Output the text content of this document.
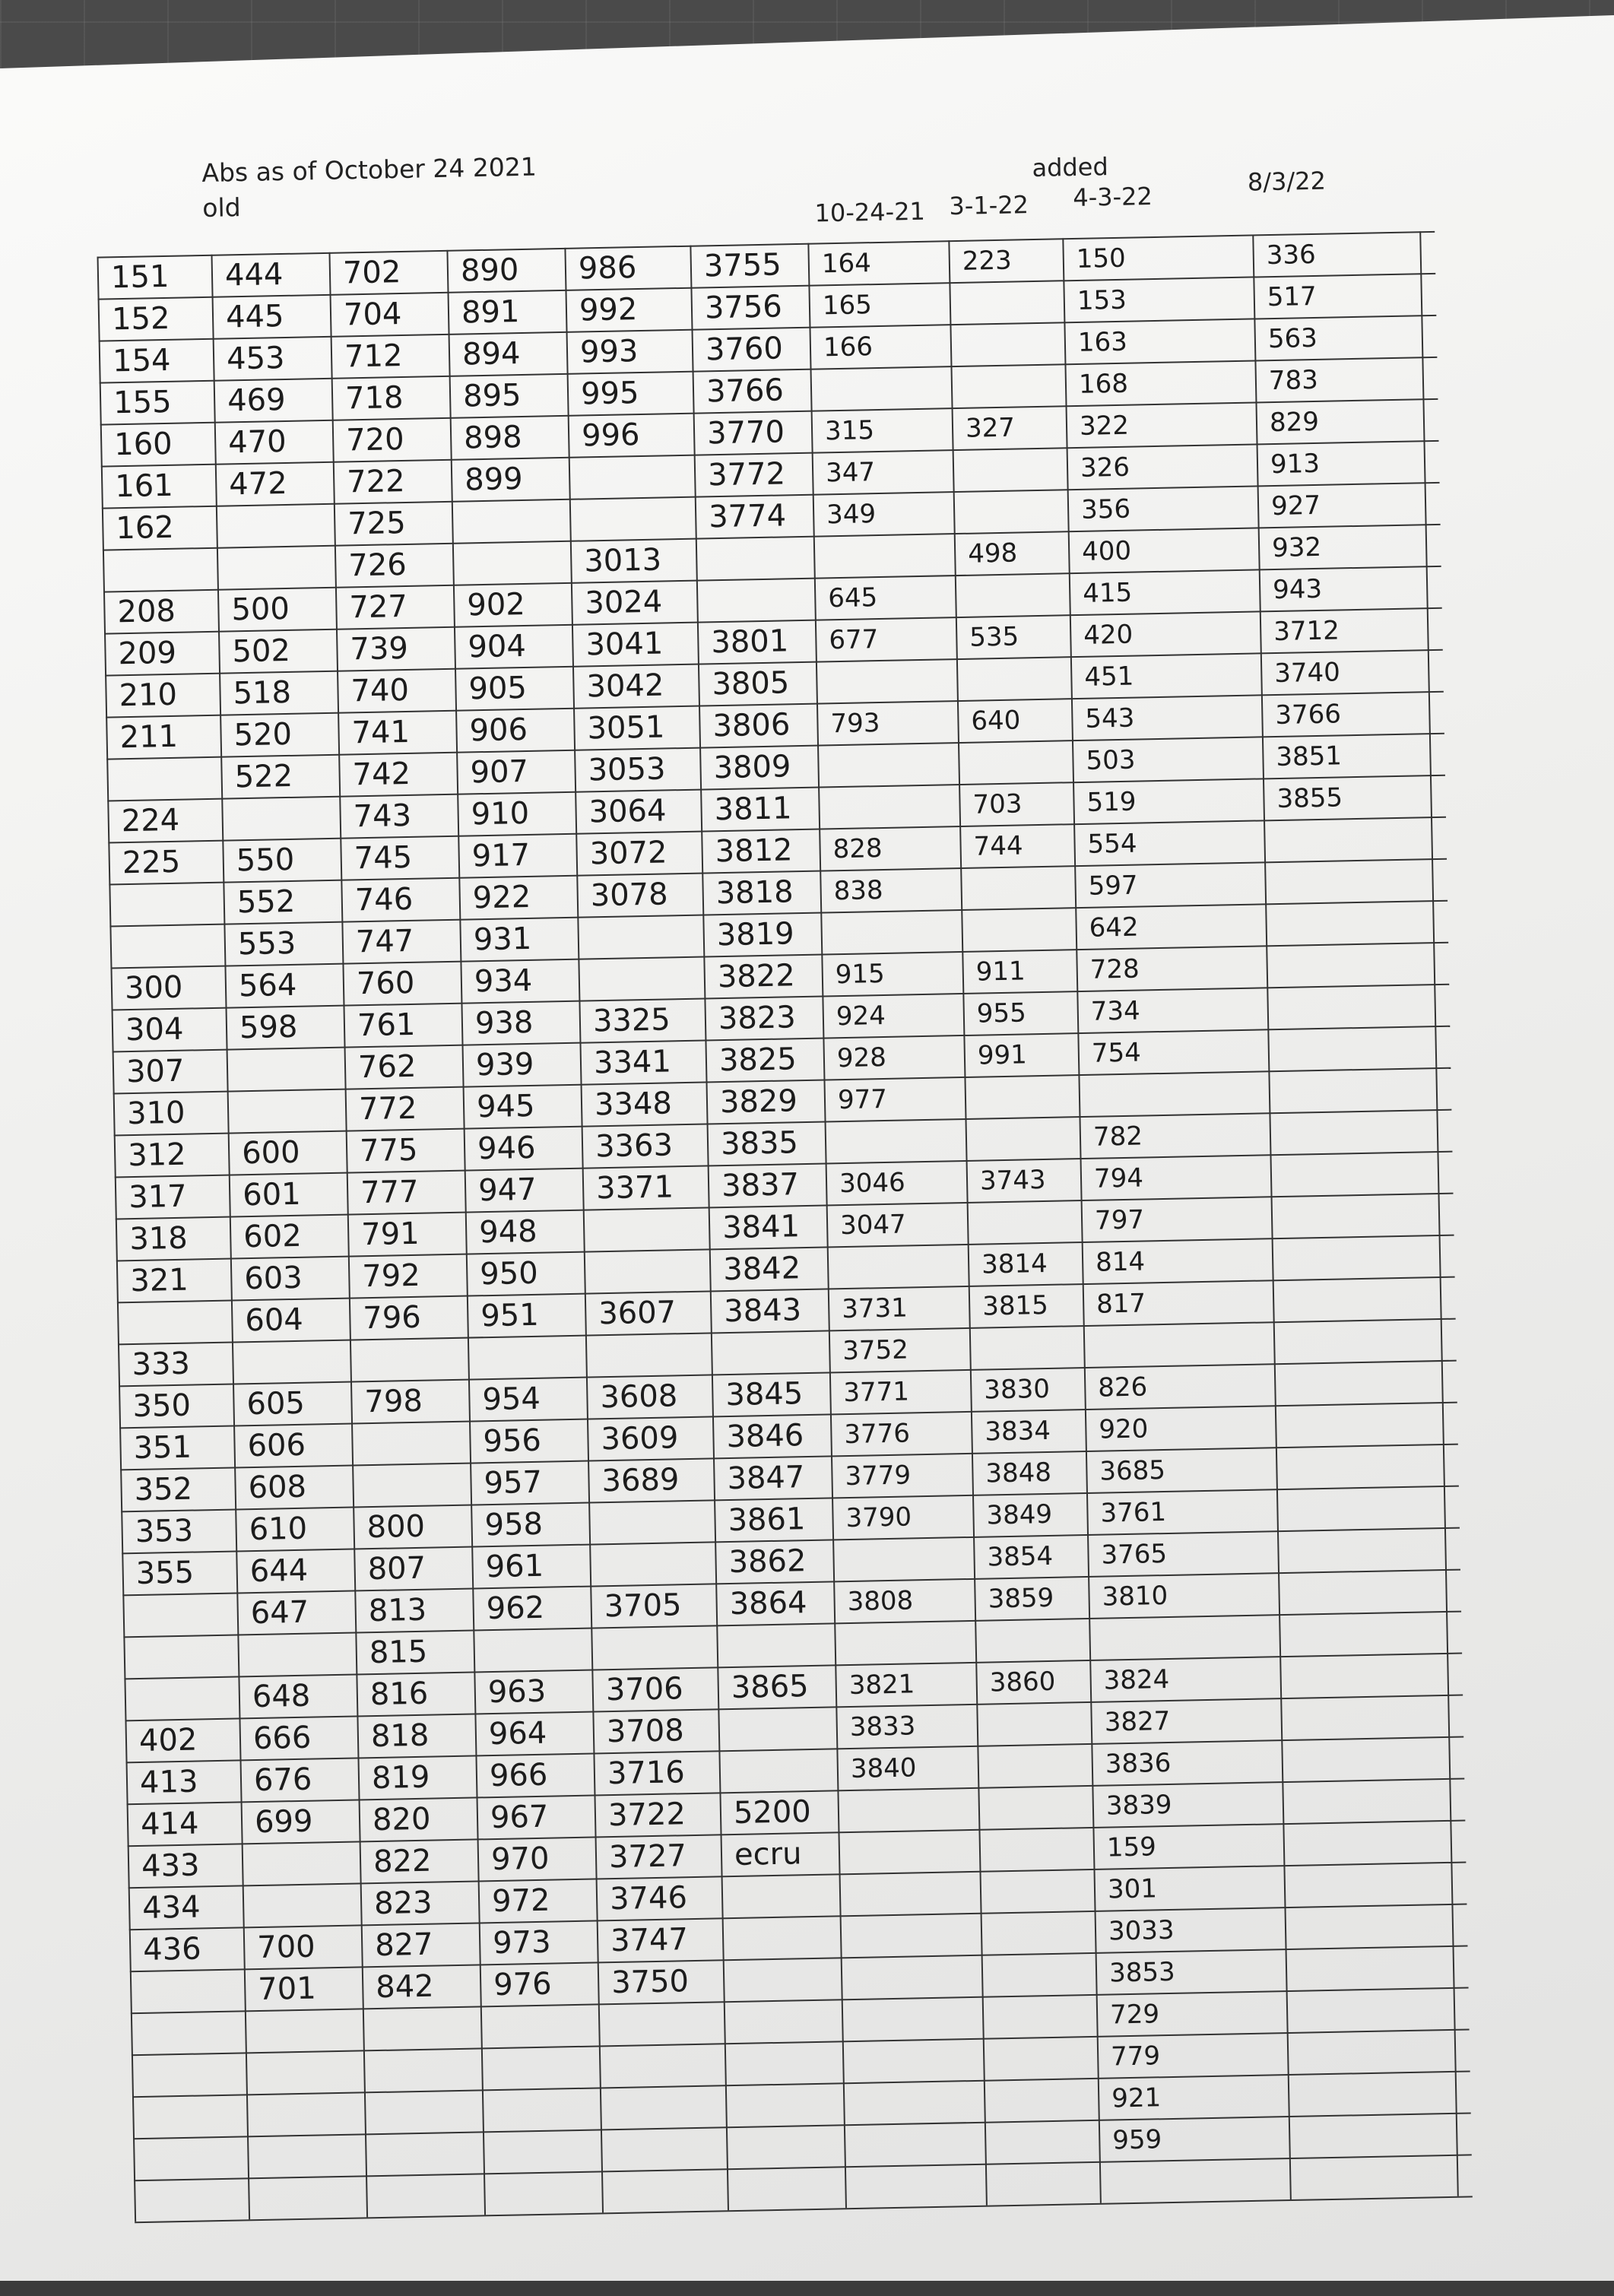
Abs as of October 24 2021
old
added
10-24-21 3-1-22 4-3-22
8/3/22
151
152
154
155
160
161
162
208
209
210
211
224
225
300
304
307
310
312
317
318
321
333
350
351
352
353
355
402
413
414
433
434
436
444
445
453
469
470
472
500
502
518
520
522
550
552
553
564
598
600
601
602
603
604
605
606
608
610
644
647
648
666
676
699
700
701
702
704
712
718
720
722
725
726
727
739
740
741
742
743
745
746
747
760
761
762
772
775
777
791
792
796
798
800
807
813
815
816
818
819
820
822
823
827
842
890
891
894
895
898
899
902
904
905
906
907
910
917
922
931
934
938
939
945
946
947
948
950
951
954
956
957
958
961
962
963
964
966
967
970
972
973
976
986
992
993
995
996
3013
3024
3041
3042
3051
3053
3064
3072
3078
3325
3341
3348
3363
3371
3607
3608
3609
3689
3705
3706
3708
3716
3722
3727
3746
3747
3750
3755
3756
3760
3766
3770
3772
3774
3801
3805
3806
3809
3811
3812
3818
3819
3822
3823
3825
3829
3835
3837
3841
3842
3843
3845
3846
3847
3861
3862
3864
3865
5200
ecru
164
165
166
315
347
349
645
677
793
828
838
915
924
928
977
3046
3047
3731
3752
3771
3776
3779
3790
3808
3821
3833
3840
223
327
498
535
640
703
744
911
955
991
3743
3814
3815
3830
3834
3848
3849
3854
3859
3860
150
153
163
168
322
326
356
400
415
420
451
543
503
519
554
597
642
728
734
754
782
794
797
814
817
826
920
3685
3761
3765
3810
3824
3827
3836
3839
159
301
3033
3853
729
779
921
959
336
517
563
783
829
913
927
932
943
3712
3740
3766
3851
3855
